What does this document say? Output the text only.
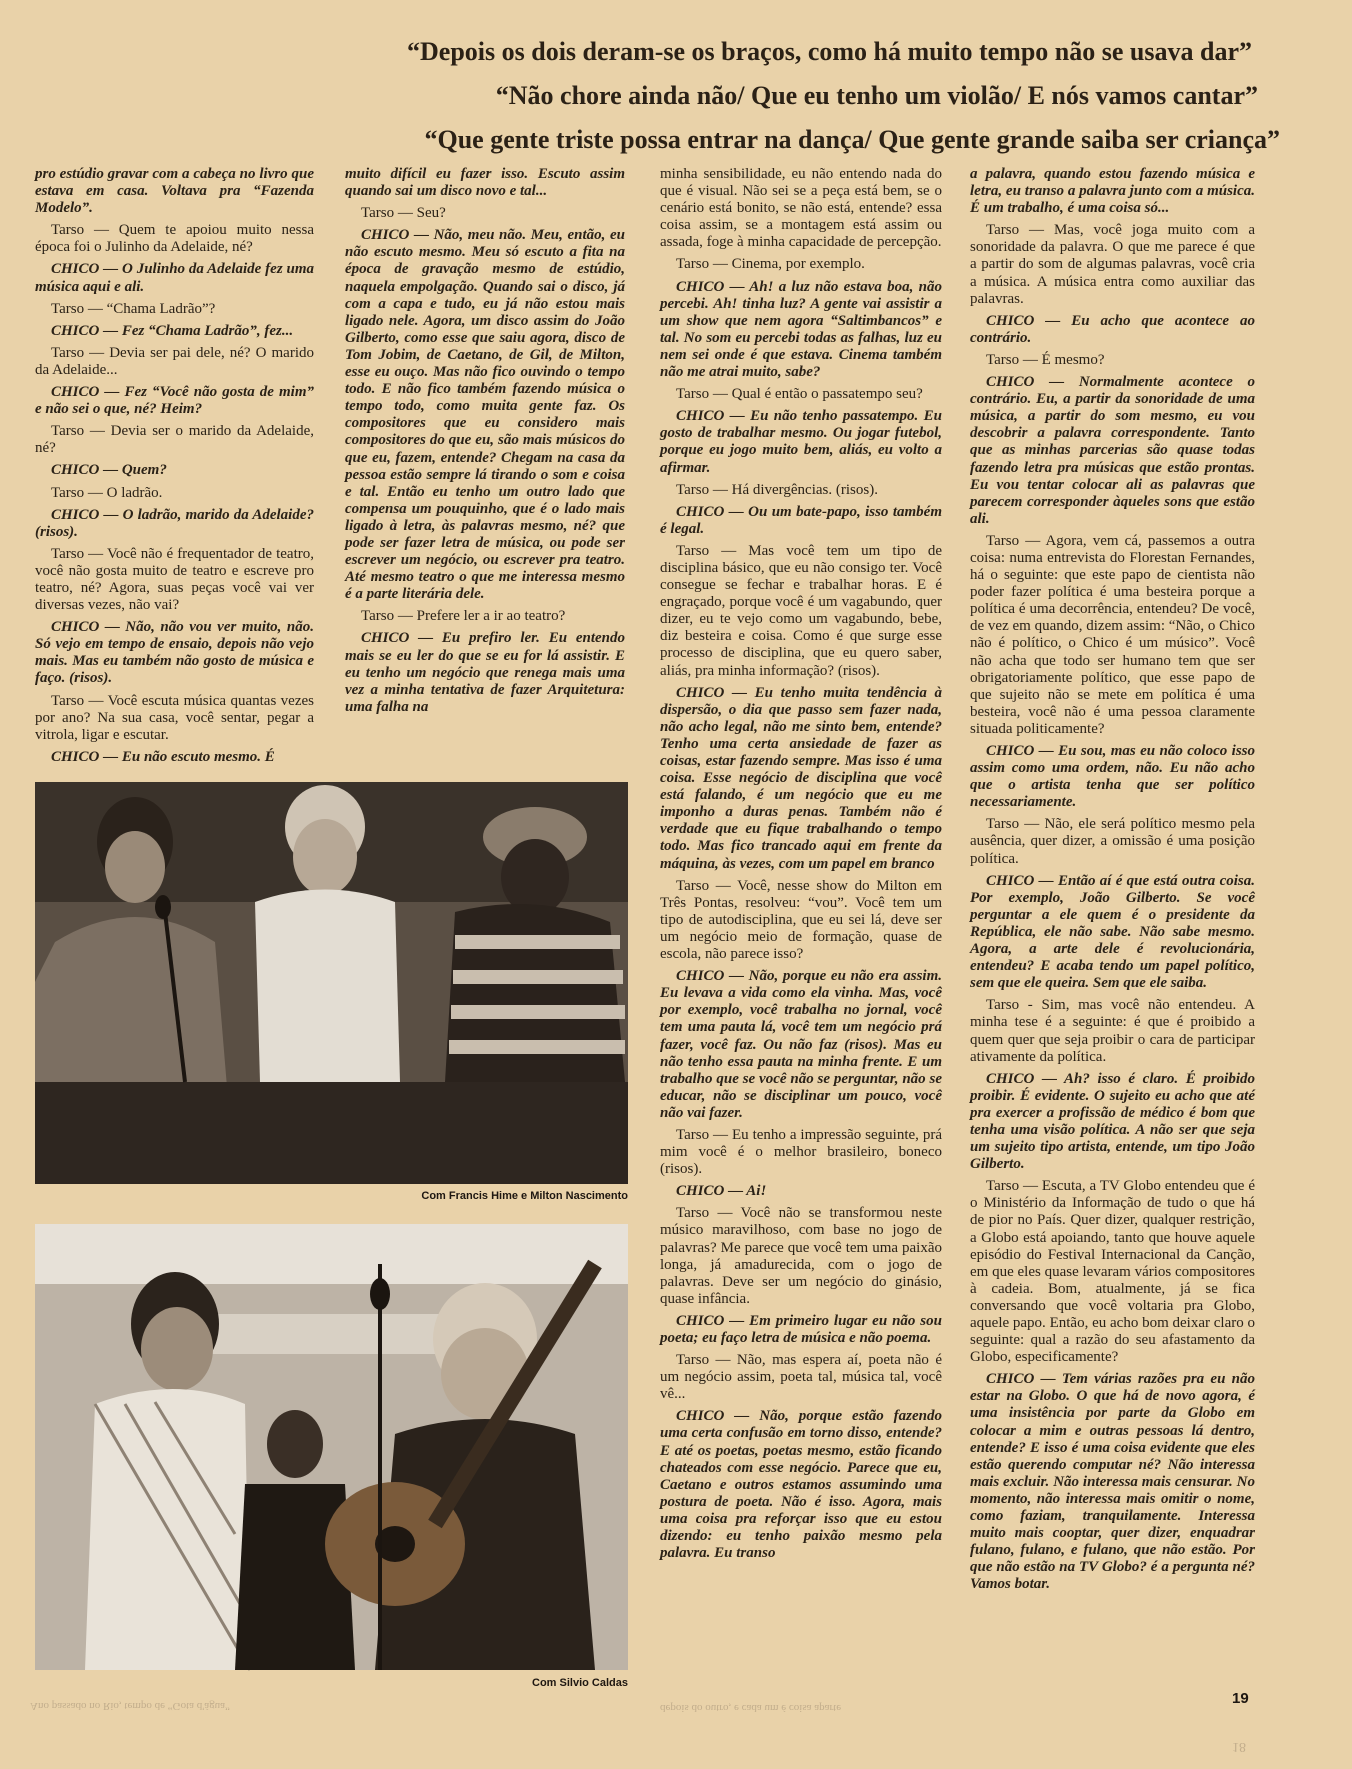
“Depois os dois deram-se os braços, como há muito tempo não se usava dar”

“Não chore ainda não/ Que eu tenho um violão/ E nós vamos cantar”

“Que gente triste possa entrar na dança/ Que gente grande saiba ser criança”

pro estúdio gravar com a cabeça no livro que estava em casa. Voltava pra “Fazenda Modelo”.

Tarso — Quem te apoiou muito nessa época foi o Julinho da Adelaide, né?

CHICO — O Julinho da Adelaide fez uma música aqui e ali.

Tarso — “Chama Ladrão”?

CHICO — Fez “Chama Ladrão”, fez...

Tarso — Devia ser pai dele, né? O marido da Adelaide...

CHICO — Fez “Você não gosta de mim” e não sei o que, né? Heim?

Tarso — Devia ser o marido da Adelaide, né?

CHICO — Quem?

Tarso — O ladrão.

CHICO — O ladrão, marido da Adelaide? (risos).

Tarso — Você não é frequentador de teatro, você não gosta muito de teatro e escreve pro teatro, né? Agora, suas peças você vai ver diversas vezes, não vai?

CHICO — Não, não vou ver muito, não. Só vejo em tempo de ensaio, depois não vejo mais. Mas eu também não gosto de música e faço. (risos).

Tarso — Você escuta música quantas vezes por ano? Na sua casa, você sentar, pegar a vitrola, ligar e escutar.

CHICO — Eu não escuto mesmo. É

muito difícil eu fazer isso. Escuto assim quando sai um disco novo e tal...

Tarso — Seu?

CHICO — Não, meu não. Meu, então, eu não escuto mesmo. Meu só escuto a fita na época de gravação mesmo de estúdio, naquela empolgação. Quando sai o disco, já com a capa e tudo, eu já não estou mais ligado nele. Agora, um disco assim do João Gilberto, como esse que saiu agora, disco de Tom Jobim, de Caetano, de Gil, de Milton, esse eu ouço. Mas não fico ouvindo o tempo todo. E não fico também fazendo música o tempo todo, como muita gente faz. Os compositores que eu considero mais compositores do que eu, são mais músicos do que eu, fazem, entende? Chegam na casa da pessoa estão sempre lá tirando o som e coisa e tal. Então eu tenho um outro lado que compensa um pouquinho, que é o lado mais ligado à letra, às palavras mesmo, né? que pode ser fazer letra de música, ou pode ser escrever um negócio, ou escrever pra teatro. Até mesmo teatro o que me interessa mesmo é a parte literária dele.

Tarso — Prefere ler a ir ao teatro?

CHICO — Eu prefiro ler. Eu entendo mais se eu ler do que se eu for lá assistir. E eu tenho um negócio que renega mais uma vez a minha tentativa de fazer Arquitetura: uma falha na

minha sensibilidade, eu não entendo nada do que é visual. Não sei se a peça está bem, se o cenário está bonito, se não está, entende? essa coisa assim, se a montagem está assim ou assada, foge à minha capacidade de percepção.

Tarso — Cinema, por exemplo.

CHICO — Ah! a luz não estava boa, não percebi. Ah! tinha luz? A gente vai assistir a um show que nem agora “Saltimbancos” e tal. No som eu percebi todas as falhas, luz eu nem sei onde é que estava. Cinema também não me atrai muito, sabe?

Tarso — Qual é então o passatempo seu?

CHICO — Eu não tenho passatempo. Eu gosto de trabalhar mesmo. Ou jogar futebol, porque eu jogo muito bem, aliás, eu volto a afirmar.

Tarso — Há divergências. (risos).

CHICO — Ou um bate-papo, isso também é legal.

Tarso — Mas você tem um tipo de disciplina básico, que eu não consigo ter. Você consegue se fechar e trabalhar horas. E é engraçado, porque você é um vagabundo, quer dizer, eu te vejo como um vagabundo, bebe, diz besteira e coisa. Como é que surge esse processo de disciplina, que eu quero saber, aliás, pra minha informação? (risos).

CHICO — Eu tenho muita tendência à dispersão, o dia que passo sem fazer nada, não acho legal, não me sinto bem, entende? Tenho uma certa ansiedade de fazer as coisas, estar fazendo sempre. Mas isso é uma coisa. Esse negócio de disciplina que você está falando, é um negócio que eu me imponho a duras penas. Também não é verdade que eu fique trabalhando o tempo todo. Mas fico trancado aqui em frente da máquina, às vezes, com um papel em branco

Tarso — Você, nesse show do Milton em Três Pontas, resolveu: “vou”. Você tem um tipo de autodisciplina, que eu sei lá, deve ser um negócio meio de formação, quase de escola, não parece isso?

CHICO — Não, porque eu não era assim. Eu levava a vida como ela vinha. Mas, você por exemplo, você trabalha no jornal, você tem uma pauta lá, você tem um negócio prá fazer, você faz. Ou não faz (risos). Mas eu não tenho essa pauta na minha frente. E um trabalho que se você não se perguntar, não se educar, não se disciplinar um pouco, você não vai fazer.

Tarso — Eu tenho a impressão seguinte, prá mim você é o melhor brasileiro, boneco (risos).

CHICO — Ai!

Tarso — Você não se transformou neste músico maravilhoso, com base no jogo de palavras? Me parece que você tem uma paixão longa, já amadurecida, com o jogo de palavras. Deve ser um negócio do ginásio, quase infância.

CHICO — Em primeiro lugar eu não sou poeta; eu faço letra de música e não poema.

Tarso — Não, mas espera aí, poeta não é um negócio assim, poeta tal, música tal, você vê...

CHICO — Não, porque estão fazendo uma certa confusão em torno disso, entende? E até os poetas, poetas mesmo, estão ficando chateados com esse negócio. Parece que eu, Caetano e outros estamos assumindo uma postura de poeta. Não é isso. Agora, mais uma coisa pra reforçar isso que eu estou dizendo: eu tenho paixão mesmo pela palavra. Eu transo

a palavra, quando estou fazendo música e letra, eu transo a palavra junto com a música. É um trabalho, é uma coisa só...

Tarso — Mas, você joga muito com a sonoridade da palavra. O que me parece é que a partir do som de algumas palavras, você cria a música. A música entra como auxiliar das palavras.

CHICO — Eu acho que acontece ao contrário.

Tarso — É mesmo?

CHICO — Normalmente acontece o contrário. Eu, a partir da sonoridade de uma música, a partir do som mesmo, eu vou descobrir a palavra correspondente. Tanto que as minhas parcerias são quase todas fazendo letra pra músicas que estão prontas. Eu vou tentar colocar ali as palavras que parecem corresponder àqueles sons que estão ali.

Tarso — Agora, vem cá, passemos a outra coisa: numa entrevista do Florestan Fernandes, há o seguinte: que este papo de cientista não poder fazer política é uma besteira porque a política é uma decorrência, entendeu? De você, de vez em quando, dizem assim: “Não, o Chico não é político, o Chico é um músico”. Você não acha que todo ser humano tem que ser obrigatoriamente político, que esse papo de que sujeito não se mete em política é uma besteira, você não é uma pessoa claramente situada politicamente?

CHICO — Eu sou, mas eu não coloco isso assim como uma ordem, não. Eu não acho que o artista tenha que ser político necessariamente.

Tarso — Não, ele será político mesmo pela ausência, quer dizer, a omissão é uma posição política.

CHICO — Então aí é que está outra coisa. Por exemplo, João Gilberto. Se você perguntar a ele quem é o presidente da República, ele não sabe. Não sabe mesmo. Agora, a arte dele é revolucionária, entendeu? E acaba tendo um papel político, sem que ele queira. Sem que ele saiba.

Tarso - Sim, mas você não entendeu. A minha tese é a seguinte: é que é proibido a quem quer que seja proibir o cara de participar ativamente da política.

CHICO — Ah? isso é claro. É proibido proibir. É evidente. O sujeito eu acho que até pra exercer a profissão de médico é bom que tenha uma visão política. A não ser que seja um sujeito tipo artista, entende, um tipo João Gilberto.

Tarso — Escuta, a TV Globo entendeu que é o Ministério da Informação de tudo o que há de pior no País. Quer dizer, qualquer restrição, a Globo está apoiando, tanto que houve aquele episódio do Festival Internacional da Canção, em que eles quase levaram vários compositores à cadeia. Bom, atualmente, já se fica conversando que você voltaria pra Globo, aquele papo. Então, eu acho bom deixar claro o seguinte: qual a razão do seu afastamento da Globo, especificamente?

CHICO — Tem várias razões pra eu não estar na Globo. O que há de novo agora, é uma insistência por parte da Globo em colocar a mim e outras pessoas lá dentro, entende? E isso é uma coisa evidente que eles estão querendo computar né? Não interessa mais excluir. Não interessa mais censurar. No momento, não interessa mais omitir o nome, como faziam, tranquilamente. Interessa muito mais cooptar, quer dizer, enquadrar fulano, fulano, e fulano, que não estão. Por que não estão na TV Globo? é a pergunta né? Vamos botar.

Com Francis Hime e Milton Nascimento
Com Silvio Caldas
19
Ano passado no Rio, tempo de “Gota d'água”	depois do outro, e cada um é coisa aparte
18
